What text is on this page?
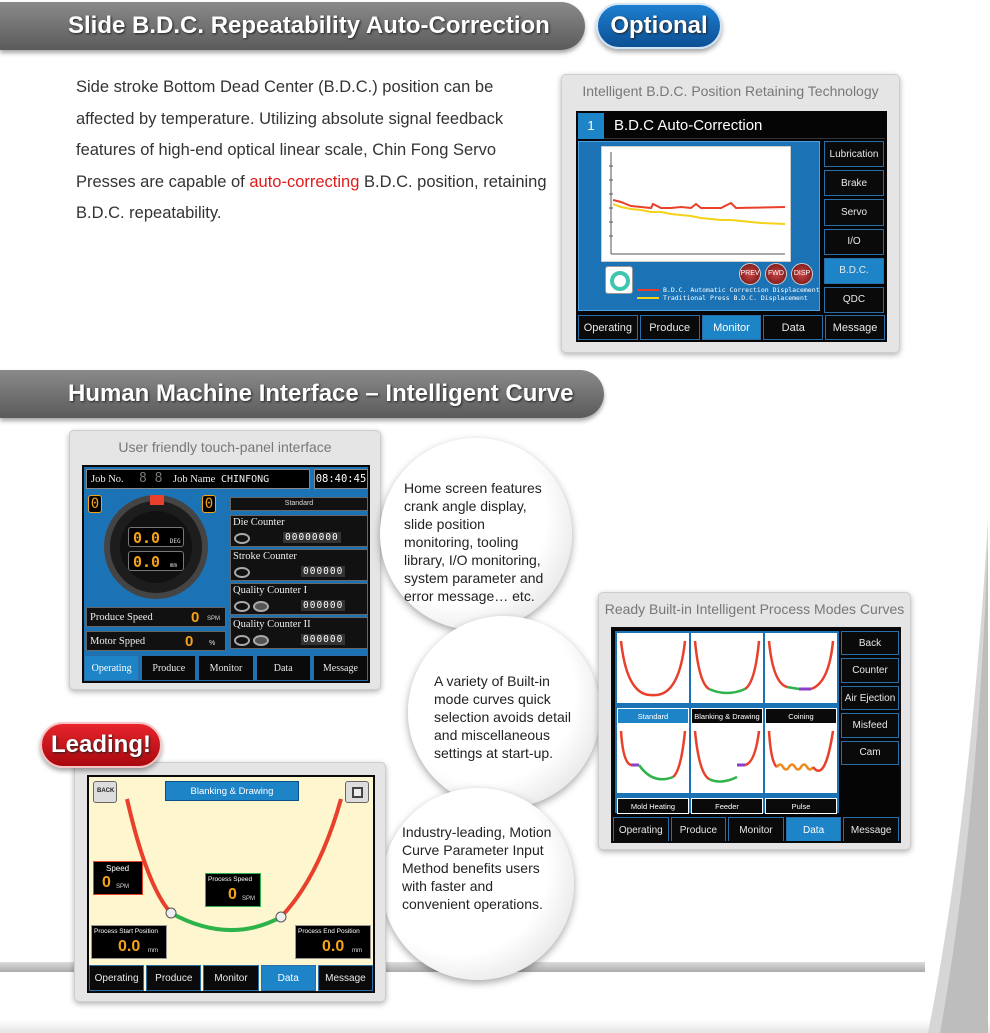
Slide B.D.C. Repeatability Auto-Correction	Optional
Side stroke Bottom Dead Center (B.D.C.) position can be affected by temperature. Utilizing absolute signal feedback features of high-end optical linear scale, Chin Fong Servo Presses are capable of auto-correcting B.D.C. position, retaining B.D.C. repeatability.
Intelligent B.D.C. Position Retaining Technology
1	B.D.C Auto-Correction
PREV	FWD	DISP
B.D.C. Automatic Correction Displacement
Traditional Press B.D.C. Displacement
Lubrication
Brake
Servo
I/O
B.D.C.
QDC
Operating	Produce	Monitor	Data	Message
Human Machine Interface – Intelligent Curve
User friendly touch-panel interface
Job No. 8 8 Job Name CHINFONG	08:40:45
0	0
0.0 DEG
0.0 mm
Produce Speed	0 SPM
Motor Spped	0 %
Standard
Die Counter
00000000
Stroke Counter
000000
Quality Counter I
000000
Quality Counter II
000000
Operating	Produce	Monitor	Data	Message
Home screen features crank angle display, slide position monitoring, tooling library, I/O monitoring, system parameter and error message… etc.
A variety of Built-in mode curves quick selection avoids detail and miscellaneous settings at start-up.
Industry-leading, Motion Curve Parameter Input Method benefits users with faster and convenient operations.
Ready Built-in Intelligent Process Modes Curves
Standard	Blanking & Drawing	Coining
Mold Heating	Feeder	Pulse
Back
Counter
Air Ejection
Misfeed
Cam
Operating	Produce	Monitor	Data	Message
BACK	Blanking & Drawing
Speed
0 SPM
Process Speed
0 SPM
Process Start Position
0.0 mm
Process End Position
0.0 mm
Operating	Produce	Monitor	Data	Message
Leading!
